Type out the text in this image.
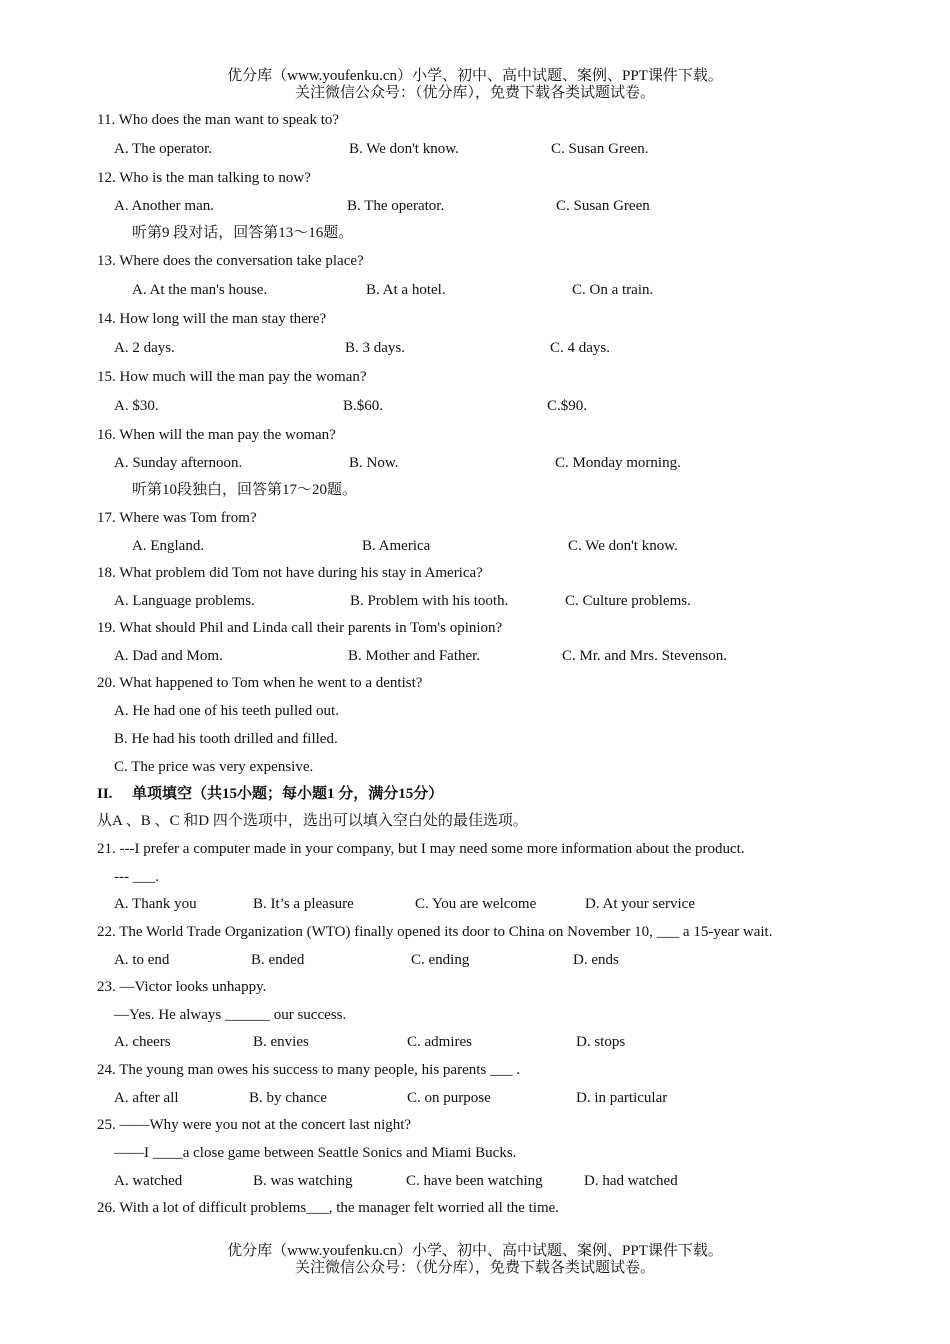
优分库（www.youfenku.cn）小学、初中、高中试题、案例、PPT课件下载。
关注微信公众号：（优分库），免费下载各类试题试卷。
11. Who does the man want to speak to?
A. The operator.	B. We don't know.	C. Susan Green.
12. Who is the man talking to now?
A. Another man.	B. The operator.	C. Susan Green
听第9 段对话，回答第13～16题。
13. Where does the conversation take place?
A. At the man's house.	B. At a hotel.	C. On a train.
14. How long will the man stay there?
A. 2 days.	B. 3 days.	C. 4 days.
15. How much will the man pay the woman?
A. $30.	B.$60.	C.$90.
16. When will the man pay the woman?
A. Sunday afternoon.	B. Now.	C. Monday morning.
听第10段独白，回答第17～20题。
17. Where was Tom from?
A. England.	B. America	C. We don't know.
18. What problem did Tom not have during his stay in America?
A. Language problems.	B. Problem with his tooth.	C. Culture problems.
19. What should Phil and Linda call their parents in Tom's opinion?
A. Dad and Mom.	B. Mother and Father.	C. Mr. and Mrs. Stevenson.
20. What happened to Tom when he went to a dentist?
A. He had one of his teeth pulled out.
B. He had his tooth drilled and filled.
C. The price was very expensive.
II. 单项填空（共15小题；每小题1 分，满分15分）
从A 、B 、C 和D 四个选项中，选出可以填入空白处的最佳选项。
21. ---I prefer a computer made in your company, but I may need some more information about the product.
--- ___.
A. Thank you	B. It’s a pleasure	C. You are welcome	D. At your service
22. The World Trade Organization (WTO) finally opened its door to China on November 10, ___ a 15-year wait.
A. to end	B. ended	C. ending	D. ends
23. —Victor looks unhappy.
—Yes. He always ______ our success.
A. cheers	B. envies	C. admires	D. stops
24. The young man owes his success to many people, his parents ___ .
A. after all	B. by chance	C. on purpose	D. in particular
25. ——Why were you not at the concert last night?
——I ____a close game between Seattle Sonics and Miami Bucks.
A. watched	B. was watching	C. have been watching	D. had watched
26. With a lot of difficult problems___, the manager felt worried all the time.
优分库（www.youfenku.cn）小学、初中、高中试题、案例、PPT课件下载。
关注微信公众号：（优分库），免费下载各类试题试卷。
